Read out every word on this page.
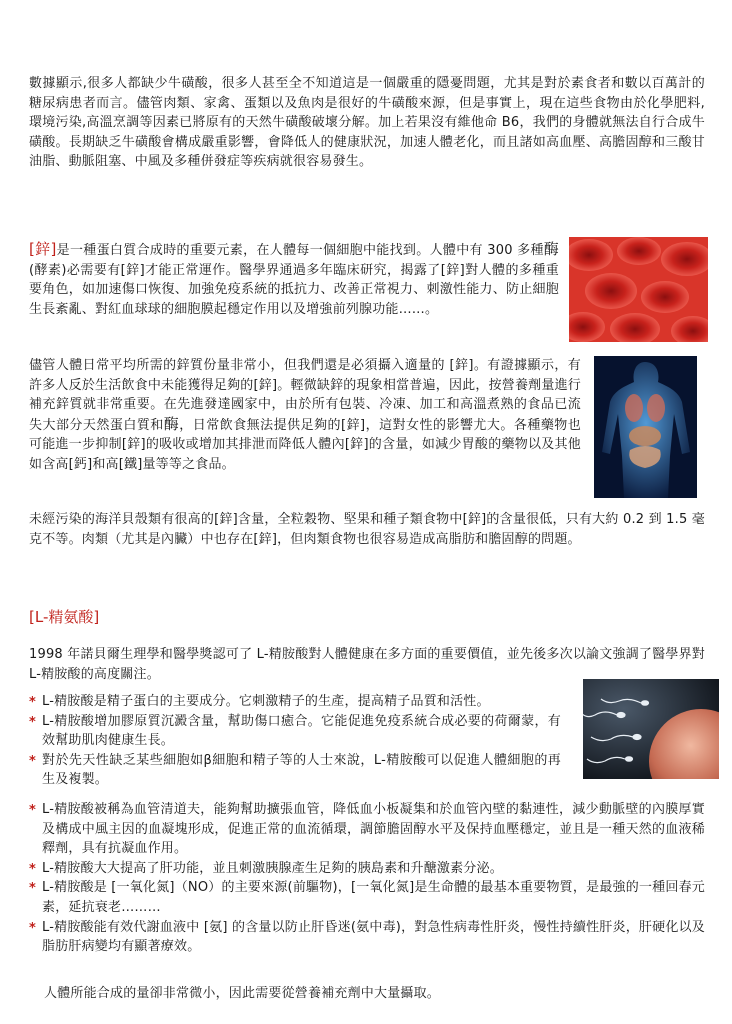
數據顯示,很多人都缺少牛磺酸，很多人甚至全不知道這是一個嚴重的隱憂問題，尤其是對於素食者和數以百萬計的糖尿病患者而言。儘管肉類、家禽、蛋類以及魚肉是很好的牛磺酸來源，但是事實上，現在這些食物由於化學肥料,環境污染,高溫烹調等因素已將原有的天然牛磺酸破壞分解。加上若果沒有維他命 B6，我們的身體就無法自行合成牛磺酸。長期缺乏牛磺酸會構成嚴重影響，會降低人的健康狀況，加速人體老化，而且諸如高血壓、高膽固醇和三酸甘油脂、動脈阻塞、中風及多種併發症等疾病就很容易發生。

[鋅]是一種蛋白質合成時的重要元素，在人體每一個細胞中能找到。人體中有 300 多種酶(酵素)必需要有[鋅]才能正常運作。醫學界通過多年臨床研究，揭露了[鋅]對人體的多種重要角色，如加速傷口恢復、加強免疫系統的抵抗力、改善正常視力、刺激性能力、防止細胞生長紊亂、對紅血球球的細胞膜起穩定作用以及增強前列腺功能……。

儘管人體日常平均所需的鋅質份量非常小，但我們還是必須攝入適量的 [鋅]。有證據顯示，有許多人反於生活飲食中未能獲得足夠的[鋅]。輕微缺鋅的現象相當普遍，因此，按營養劑量進行補充鋅質就非常重要。在先進發達國家中，由於所有包裝、冷凍、加工和高溫煮熟的食品已流失大部分天然蛋白質和酶，日常飲食無法提供足夠的[鋅]，這對女性的影響尤大。各種藥物也可能進一步抑制[鋅]的吸收或增加其排泄而降低人體內[鋅]的含量，如減少胃酸的藥物以及其他如含高[鈣]和高[鐵]量等等之食品。

未經污染的海洋貝殼類有很高的[鋅]含量，全粒穀物、堅果和種子類食物中[鋅]的含量很低，只有大約 0.2 到 1.5 毫克不等。肉類（尤其是內臟）中也存在[鋅]，但肉類食物也很容易造成高脂肪和膽固醇的問題。

[L-精氨酸]

1998 年諾貝爾生理學和醫學獎認可了 L-精胺酸對人體健康在多方面的重要價值，並先後多次以論文強調了醫學界對 L-精胺酸的高度關注。

* L-精胺酸是精子蛋白的主要成分。它刺激精子的生產，提高精子品質和活性。
* L-精胺酸增加膠原質沉澱含量，幫助傷口癒合。它能促進免疫系統合成必要的荷爾蒙，有效幫助肌肉健康生長。
* 對於先天性缺乏某些細胞如β細胞和精子等的人士來說，L-精胺酸可以促進人體細胞的再生及複製。
* L-精胺酸被稱為血管清道夫，能夠幫助擴張血管，降低血小板凝集和於血管內壁的黏連性，減少動脈壁的內膜厚實及構成中風主因的血凝塊形成，促進正常的血流循環，調節膽固醇水平及保持血壓穩定，並且是一種天然的血液稀釋劑，具有抗凝血作用。
* L-精胺酸大大提高了肝功能，並且刺激胰腺產生足夠的胰島素和升醣激素分泌。
* L-精胺酸是 [一氧化氮]（NO）的主要來源(前驅物)，[一氧化氮]是生命體的最基本重要物質，是最強的一種回春元素，延抗衰老………
* L-精胺酸能有效代謝血液中 [氨] 的含量以防止肝昏迷(氨中毒)，對急性病毒性肝炎，慢性持續性肝炎，肝硬化以及脂肪肝病變均有顯著療效。

人體所能合成的量卻非常微小，因此需要從營養補充劑中大量攝取。
